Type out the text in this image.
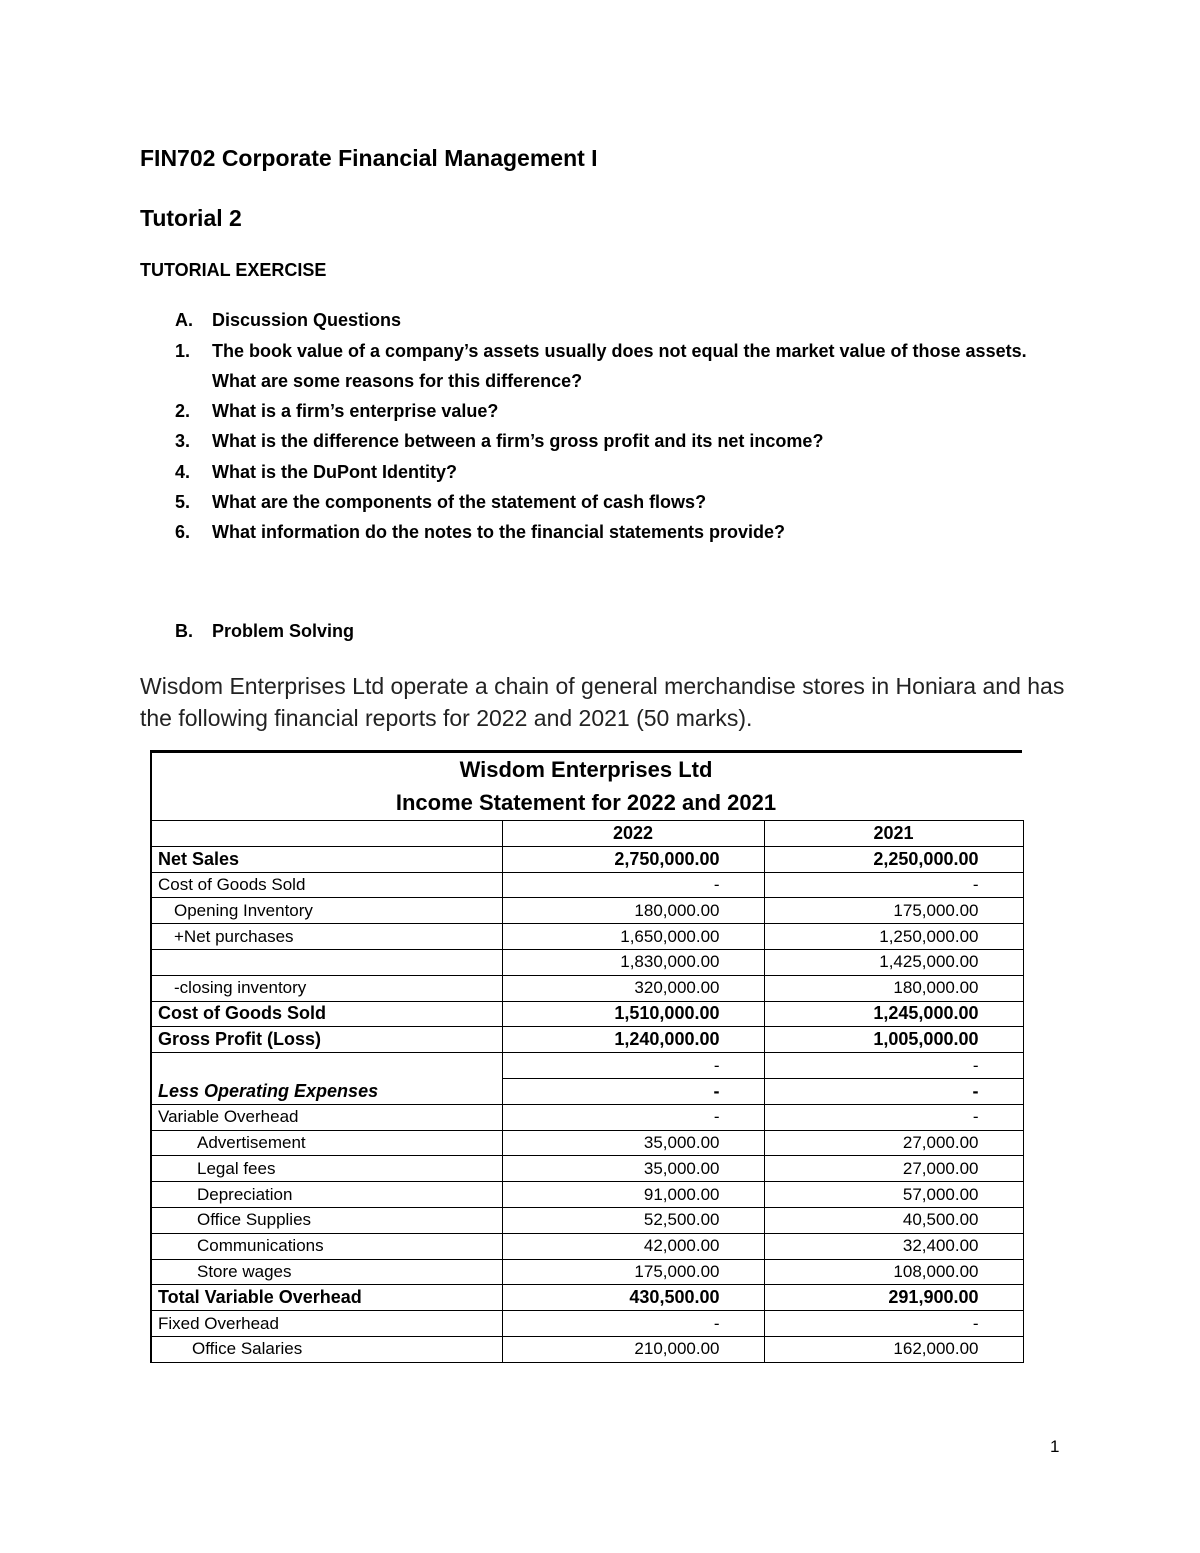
FIN702 Corporate Financial Management I
Tutorial 2
TUTORIAL EXERCISE
A.	Discussion Questions
1.	The book value of a company’s assets usually does not equal the market value of those assets.
What are some reasons for this difference?
2.	What is a firm’s enterprise value?
3.	What is the difference between a firm’s gross profit and its net income?
4.	What is the DuPont Identity?
5.	What are the components of the statement of cash flows?
6.	What information do the notes to the financial statements provide?
B.	Problem Solving
Wisdom Enterprises Ltd operate a chain of general merchandise stores in Honiara and has the following financial reports for 2022 and 2021 (50 marks).
Wisdom Enterprises Ltd
Income Statement for 2022 and 2021
	2022	2021
Net Sales	2,750,000.00	2,250,000.00
Cost of Goods Sold	-	-
Opening Inventory	180,000.00	175,000.00
+Net purchases	1,650,000.00	1,250,000.00
	1,830,000.00	1,425,000.00
-closing inventory	320,000.00	180,000.00
Cost of Goods Sold	1,510,000.00	1,245,000.00
Gross Profit (Loss)	1,240,000.00	1,005,000.00
	-	-
Less Operating Expenses	-	-
Variable Overhead	-	-
Advertisement	35,000.00	27,000.00
Legal fees	35,000.00	27,000.00
Depreciation	91,000.00	57,000.00
Office Supplies	52,500.00	40,500.00
Communications	42,000.00	32,400.00
Store wages	175,000.00	108,000.00
Total Variable Overhead	430,500.00	291,900.00
Fixed Overhead	-	-
Office Salaries	210,000.00	162,000.00
1
